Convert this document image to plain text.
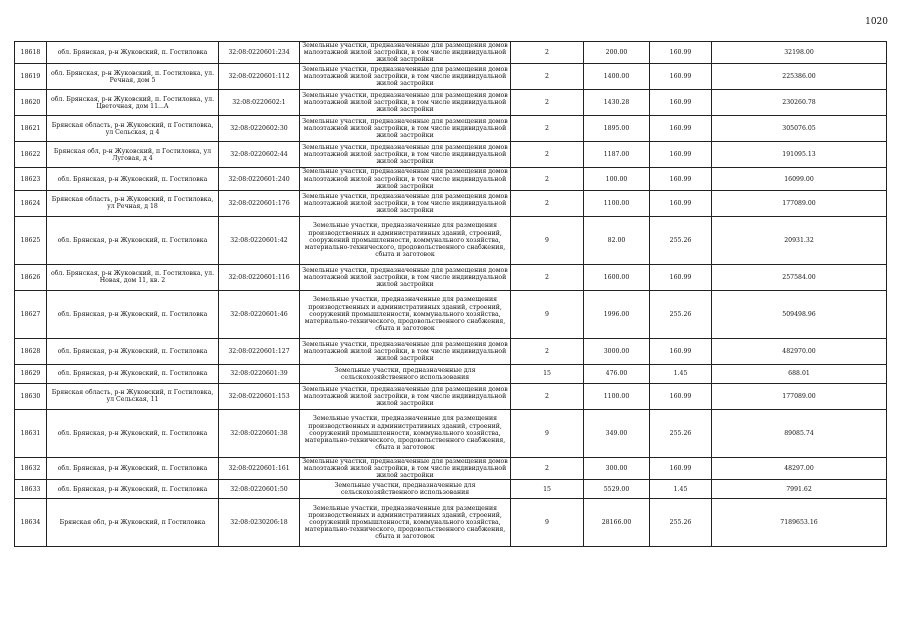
1020
18618	обл. Брянская, р-н Жуковский, п. Гостиловка	32:08:0220601:234	Земельные участки, предназначенные для размещения домов малоэтажной жилой застройки, в том числе индивидуальной жилой застройки	2	200.00	160.99	32198.00
18619	обл. Брянская, р-н Жуковский, п. Гостиловка, ул. Речная, дом 5	32:08:0220601:112	Земельные участки, предназначенные для размещения домов малоэтажной жилой застройки, в том числе индивидуальной жилой застройки	2	1400.00	160.99	225386.00
18620	обл. Брянская, р-н Жуковский, п. Гостиловка, ул. Цветочная, дом 11...А	32:08:0220602:1	Земельные участки, предназначенные для размещения домов малоэтажной жилой застройки, в том числе индивидуальной жилой застройки	2	1430.28	160.99	230260.78
18621	Брянская область, р-н Жуковский, п Гостиловка, ул Сельская, д 4	32:08:0220602:30	Земельные участки, предназначенные для размещения домов малоэтажной жилой застройки, в том числе индивидуальной жилой застройки	2	1895.00	160.99	305076.05
18622	Брянская обл, р-н Жуковский, п Гостиловка, ул Луговая, д 4	32:08:0220602:44	Земельные участки, предназначенные для размещения домов малоэтажной жилой застройки, в том числе индивидуальной жилой застройки	2	1187.00	160.99	191095.13
18623	обл. Брянская, р-н Жуковский, п. Гостиловка	32:08:0220601:240	Земельные участки, предназначенные для размещения домов малоэтажной жилой застройки, в том числе индивидуальной жилой застройки	2	100.00	160.99	16099.00
18624	Брянская область, р-н Жуковский, п Гостиловка, ул Речная, д 18	32:08:0220601:176	Земельные участки, предназначенные для размещения домов малоэтажной жилой застройки, в том числе индивидуальной жилой застройки	2	1100.00	160.99	177089.00
18625	обл. Брянская, р-н Жуковский, п. Гостиловка	32:08:0220601:42	Земельные участки, предназначенные для размещения производственных и административных зданий, строений, сооружений промышленности, коммунального хозяйства, материально-технического, продовольственного снабжения, сбыта и заготовок	9	82.00	255.26	20931.32
18626	обл. Брянская, р-н Жуковский, п. Гостиловка, ул. Новая, дом 11, кв. 2	32:08:0220601:116	Земельные участки, предназначенные для размещения домов малоэтажной жилой застройки, в том числе индивидуальной жилой застройки	2	1600.00	160.99	257584.00
18627	обл. Брянская, р-н Жуковский, п. Гостиловка	32:08:0220601:46	Земельные участки, предназначенные для размещения производственных и административных зданий, строений, сооружений промышленности, коммунального хозяйства, материально-технического, продовольственного снабжения, сбыта и заготовок	9	1996.00	255.26	509498.96
18628	обл. Брянская, р-н Жуковский, п. Гостиловка	32:08:0220601:127	Земельные участки, предназначенные для размещения домов малоэтажной жилой застройки, в том числе индивидуальной жилой застройки	2	3000.00	160.99	482970.00
18629	обл. Брянская, р-н Жуковский, п. Гостиловка	32:08:0220601:39	Земельные участки, предназначенные для сельскохозяйственного использования	15	476.00	1.45	688.01
18630	Брянская область, р-н Жуковский, п Гостиловка, ул Сельская, 11	32:08:0220601:153	Земельные участки, предназначенные для размещения домов малоэтажной жилой застройки, в том числе индивидуальной жилой застройки	2	1100.00	160.99	177089.00
18631	обл. Брянская, р-н Жуковский, п. Гостиловка	32:08:0220601:38	Земельные участки, предназначенные для размещения производственных и административных зданий, строений, сооружений промышленности, коммунального хозяйства, материально-технического, продовольственного снабжения, сбыта и заготовок	9	349.00	255.26	89085.74
18632	обл. Брянская, р-н Жуковский, п. Гостиловка	32:08:0220601:161	Земельные участки, предназначенные для размещения домов малоэтажной жилой застройки, в том числе индивидуальной жилой застройки	2	300.00	160.99	48297.00
18633	обл. Брянская, р-н Жуковский, п. Гостиловка	32:08:0220601:50	Земельные участки, предназначенные для сельскохозяйственного использования	15	5529.00	1.45	7991.62
18634	Брянская обл, р-н Жуковский, п Гостиловка	32:08:0230206:18	Земельные участки, предназначенные для размещения производственных и административных зданий, строений, сооружений промышленности, коммунального хозяйства, материально-технического, продовольственного снабжения, сбыта и заготовок	9	28166.00	255.26	7189653.16
